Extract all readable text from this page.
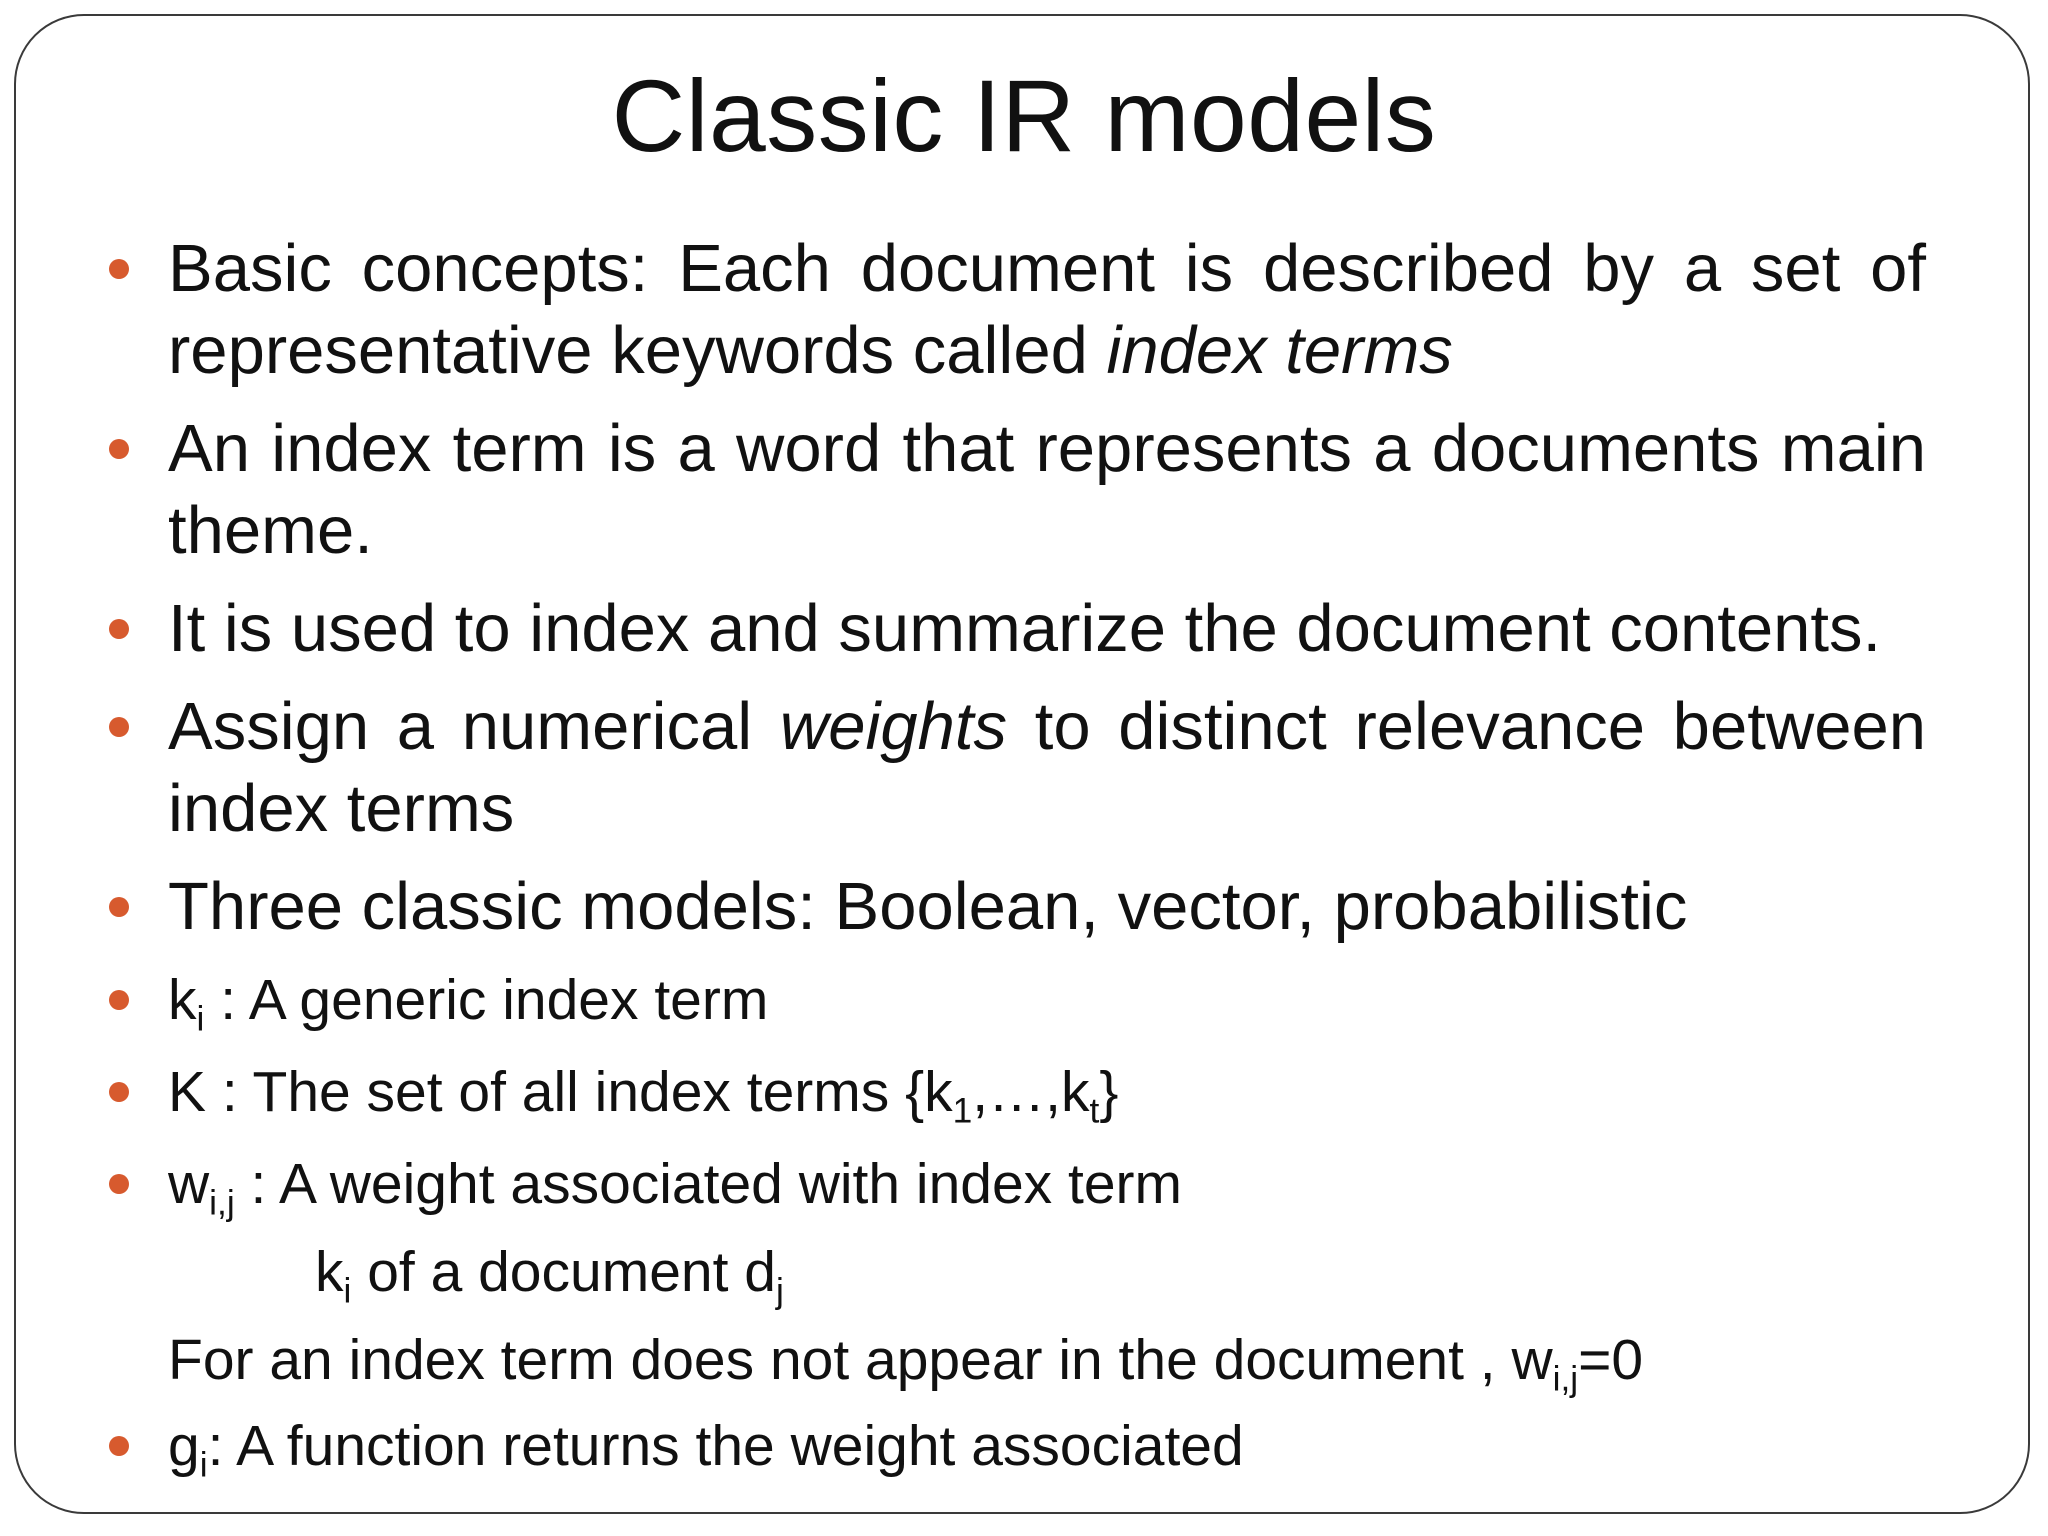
Classic IR models
Basic concepts: Each document is described by a set of representative keywords called index terms
An index term is a word that represents a documents main theme.
It is used to index and summarize the document contents.
Assign a numerical weights to distinct relevance between index terms
Three classic models: Boolean, vector, probabilistic
$k_i$ : A generic index term
K : The set of all index terms $\{k_1,\dots,k_t\}$
$w_{i,j}$ : A weight associated with index term
$k_i$ of a document $d_j$
For an index term does not appear in the document , $w_{i,j}=0$
$g_i$: A function returns the weight associated
